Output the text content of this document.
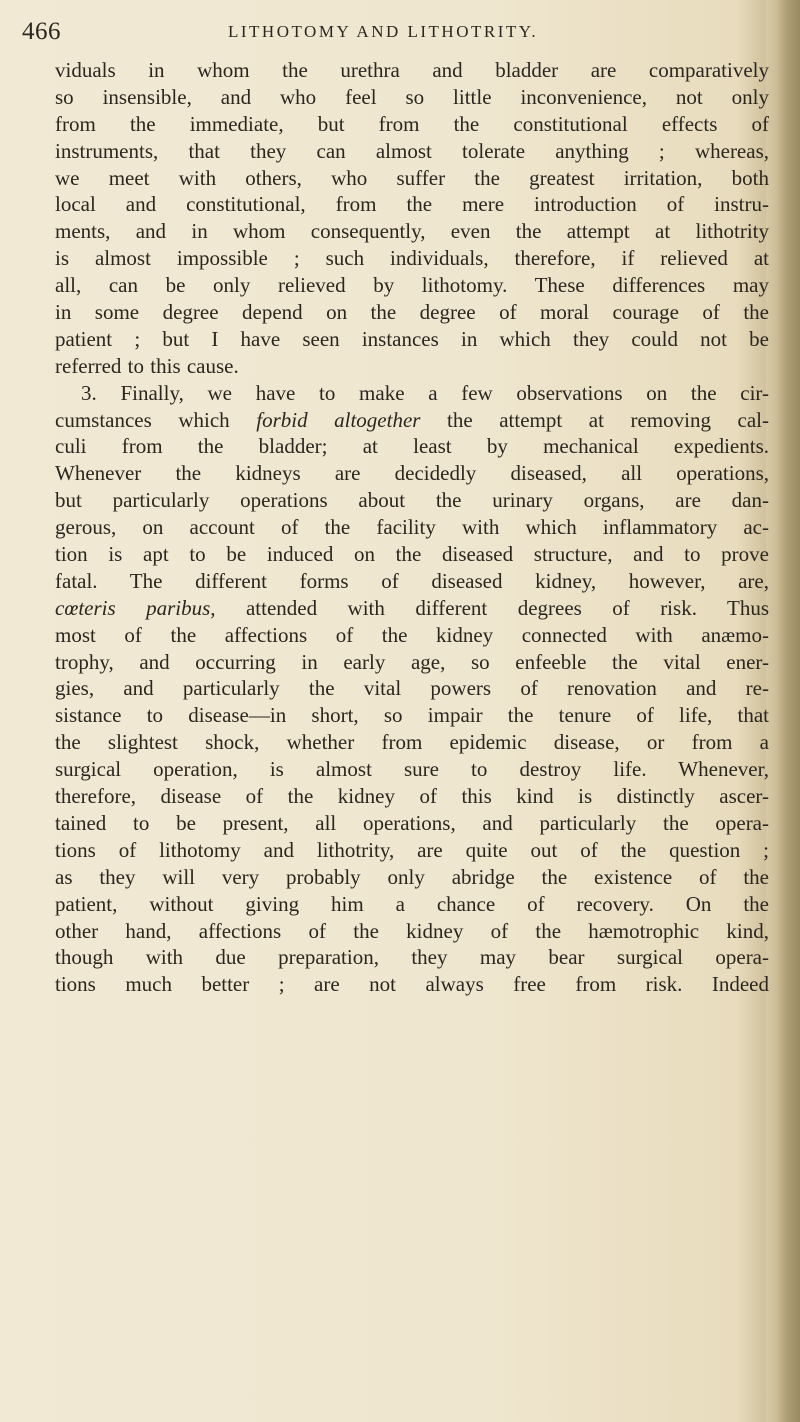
466	LITHOTOMY AND LITHOTRITY.
viduals in whom the urethra and bladder are comparatively
so insensible, and who feel so little inconvenience, not only
from the immediate, but from the constitutional effects of
instruments, that they can almost tolerate anything ; whereas,
we meet with others, who suffer the greatest irritation, both
local and constitutional, from the mere introduction of instru-
ments, and in whom consequently, even the attempt at lithotrity
is almost impossible ; such individuals, therefore, if relieved at
all, can be only relieved by lithotomy. These differences may
in some degree depend on the degree of moral courage of the
patient ; but I have seen instances in which they could not be
referred to this cause.
3. Finally, we have to make a few observations on the cir-
cumstances which forbid altogether the attempt at removing cal-
culi from the bladder; at least by mechanical expedients.
Whenever the kidneys are decidedly diseased, all operations,
but particularly operations about the urinary organs, are dan-
gerous, on account of the facility with which inflammatory ac-
tion is apt to be induced on the diseased structure, and to prove
fatal. The different forms of diseased kidney, however, are,
cœteris paribus, attended with different degrees of risk. Thus
most of the affections of the kidney connected with anæmo-
trophy, and occurring in early age, so enfeeble the vital ener-
gies, and particularly the vital powers of renovation and re-
sistance to disease—in short, so impair the tenure of life, that
the slightest shock, whether from epidemic disease, or from a
surgical operation, is almost sure to destroy life. Whenever,
therefore, disease of the kidney of this kind is distinctly ascer-
tained to be present, all operations, and particularly the opera-
tions of lithotomy and lithotrity, are quite out of the question ;
as they will very probably only abridge the existence of the
patient, without giving him a chance of recovery. On the
other hand, affections of the kidney of the hæmotrophic kind,
though with due preparation, they may bear surgical opera-
tions much better ; are not always free from risk. Indeed
